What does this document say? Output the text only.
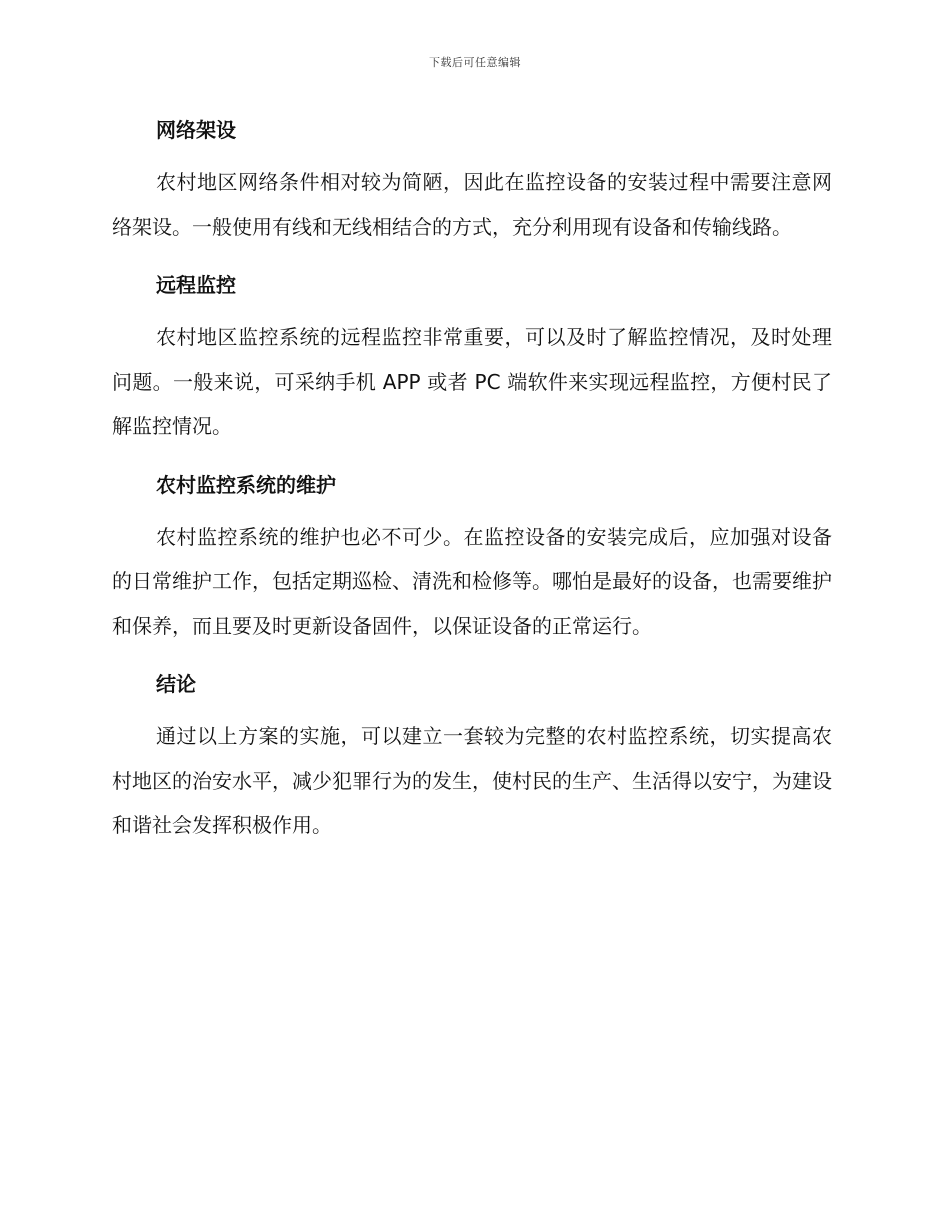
下载后可任意编辑
网络架设

农村地区网络条件相对较为简陋，因此在监控设备的安装过程中需要注意网络架设。一般使用有线和无线相结合的方式，充分利用现有设备和传输线路。

远程监控

农村地区监控系统的远程监控非常重要，可以及时了解监控情况，及时处理问题。一般来说，可采纳手机 APP 或者 PC 端软件来实现远程监控，方便村民了解监控情况。

农村监控系统的维护

农村监控系统的维护也必不可少。在监控设备的安装完成后，应加强对设备的日常维护工作，包括定期巡检、清洗和检修等。哪怕是最好的设备，也需要维护和保养，而且要及时更新设备固件，以保证设备的正常运行。

结论

通过以上方案的实施，可以建立一套较为完整的农村监控系统，切实提高农村地区的治安水平，减少犯罪行为的发生，使村民的生产、生活得以安宁，为建设和谐社会发挥积极作用。
